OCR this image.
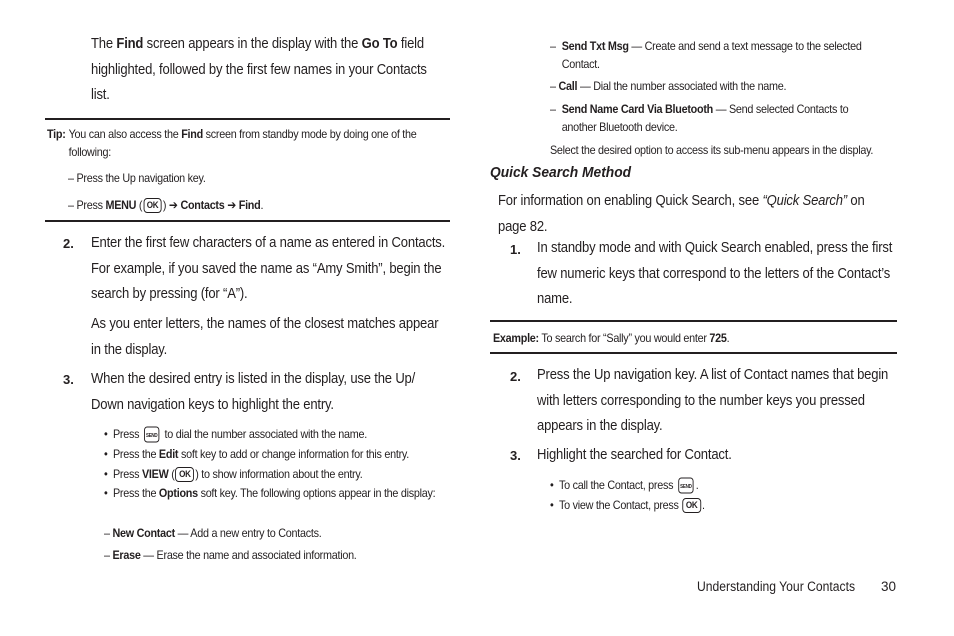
The Find screen appears in the display with the Go To field highlighted, followed by the first few names in your Contacts list.
Tip: You can also access the Find screen from standby mode by doing one of the following:
– Press the Up navigation key.
– Press MENU ( OK ) ➔ Contacts ➔ Find.
2. Enter the first few characters of a name as entered in Contacts. For example, if you saved the name as “Amy Smith”, begin the search by pressing (for “A”).
As you enter letters, the names of the closest matches appear in the display.
3. When the desired entry is listed in the display, use the Up/ Down navigation keys to highlight the entry.
• Press SEND to dial the number associated with the name.
• Press the Edit soft key to add or change information for this entry.
• Press VIEW ( OK ) to show information about the entry.
• Press the Options soft key. The following options appear in the display:
– New Contact — Add a new entry to Contacts.
– Erase — Erase the name and associated information.
– Send Txt Msg — Create and send a text message to the selected Contact.
– Call — Dial the number associated with the name.
– Send Name Card Via Bluetooth — Send selected Contacts to another Bluetooth device.
Select the desired option to access its sub-menu appears in the display.
Quick Search Method
For information on enabling Quick Search, see “Quick Search” on page 82.
1. In standby mode and with Quick Search enabled, press the first few numeric keys that correspond to the letters of the Contact’s name.
Example: To search for “Sally” you would enter 725.
2. Press the Up navigation key. A list of Contact names that begin with letters corresponding to the number keys you pressed appears in the display.
3. Highlight the searched for Contact.
• To call the Contact, press SEND .
• To view the Contact, press OK .
Understanding Your Contacts 30
